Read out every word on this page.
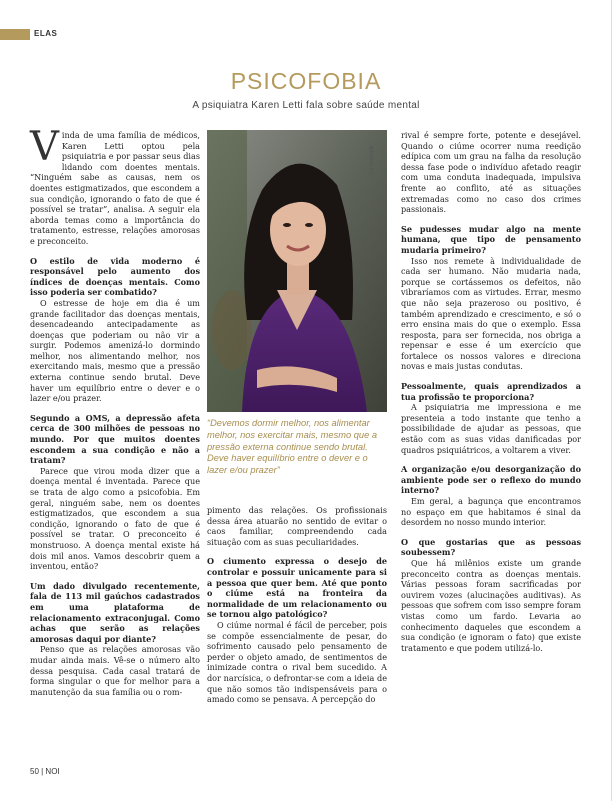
ELAS
PSICOFOBIA
A psiquiatra Karen Letti fala sobre saúde mental

Vinda de uma família de médicos, Karen Letti optou pela psiquiatria e por passar seus dias lidando com doentes mentais. “Ninguém sabe as causas, nem os doentes estigmatizados, que escondem a sua condição, ignorando o fato de que é possível se tratar”, analisa. A seguir ela aborda temas como a importância do tratamento, estresse, relações amorosas e preconceito.

O estilo de vida moderno é responsável pelo aumento dos índices de doenças mentais. Como isso poderia ser combatido?

O estresse de hoje em dia é um grande facilitador das doenças mentais, desencadeando antecipadamente as doenças que poderiam ou não vir a surgir. Podemos amenizá-lo dormindo melhor, nos alimentando melhor, nos exercitando mais, mesmo que a pressão externa continue sendo brutal. Deve haver um equilíbrio entre o dever e o lazer e/ou prazer.

Segundo a OMS, a depressão afeta cerca de 300 milhões de pessoas no mundo. Por que muitos doentes escondem a sua condição e não a tratam?

Parece que virou moda dizer que a doença mental é inventada. Parece que se trata de algo como a psicofobia. Em geral, ninguém sabe, nem os doentes estigmatizados, que escondem a sua condição, ignorando o fato de que é possível se tratar. O preconceito é monstruoso. A doença mental existe há dois mil anos. Vamos descobrir quem a inventou, então?

Um dado divulgado recentemente, fala de 113 mil gaúchos cadastrados em uma plataforma de relacionamento extraconjugal. Como achas que serão as relações amorosas daqui por diante?

Penso que as relações amorosas vão mudar ainda mais. Vê-se o número alto dessa pesquisa. Cada casal tratará de forma singular o que for melhor para a manutenção da sua família ou o rom-

Cy Simonetti
“Devemos dormir melhor, nos alimentar melhor, nos exercitar mais, mesmo que a pressão externa continue sendo brutal. Deve haver equilíbrio entre o dever e o lazer e/ou prazer”

pimento das relações. Os profissionais dessa área atuarão no sentido de evitar o caos familiar, compreendendo cada situação com as suas peculiaridades.

O ciumento expressa o desejo de controlar e possuir unicamente para si a pessoa que quer bem. Até que ponto o ciúme está na fronteira da normalidade de um relacionamento ou se tornou algo patológico?

O ciúme normal é fácil de perceber, pois se compõe essencialmente de pesar, do sofrimento causado pelo pensamento de perder o objeto amado, de sentimentos de inimizade contra o rival bem sucedido. A dor narcísica, o defrontar-se com a ideia de que não somos tão indispensáveis para o amado como se pensava. A percepção do

rival é sempre forte, potente e desejável. Quando o ciúme ocorrer numa reedição edípica com um grau na falha da resolução dessa fase pode o indivíduo afetado reagir com uma conduta inadequada, impulsiva frente ao conflito, até as situações extremadas como no caso dos crimes passionais.

Se pudesses mudar algo na mente humana, que tipo de pensamento mudaria primeiro?

Isso nos remete à individualidade de cada ser humano. Não mudaria nada, porque se cortássemos os defeitos, não vibraríamos com as virtudes. Errar, mesmo que não seja prazeroso ou positivo, é também aprendizado e crescimento, e só o erro ensina mais do que o exemplo. Essa resposta, para ser fornecida, nos obriga a repensar e esse é um exercício que fortalece os nossos valores e direciona novas e mais justas condutas.

Pessoalmente, quais aprendizados a tua profissão te proporciona?

A psiquiatria me impressiona e me presenteia a todo instante que tenho a possibilidade de ajudar as pessoas, que estão com as suas vidas danificadas por quadros psiquiátricos, a voltarem a viver.

A organização e/ou desorganização do ambiente pode ser o reflexo do mundo interno?

Em geral, a bagunça que encontramos no espaço em que habitamos é sinal da desordem no nosso mundo interior.

O que gostarias que as pessoas soubessem?

Que há milênios existe um grande preconceito contra as doenças mentais. Várias pessoas foram sacrificadas por ouvirem vozes (alucinações auditivas). As pessoas que sofrem com isso sempre foram vistas como um fardo. Levaria ao conhecimento daqueles que escondem a sua condição (e ignoram o fato) que existe tratamento e que podem utilizá-lo.

50 | NOI
